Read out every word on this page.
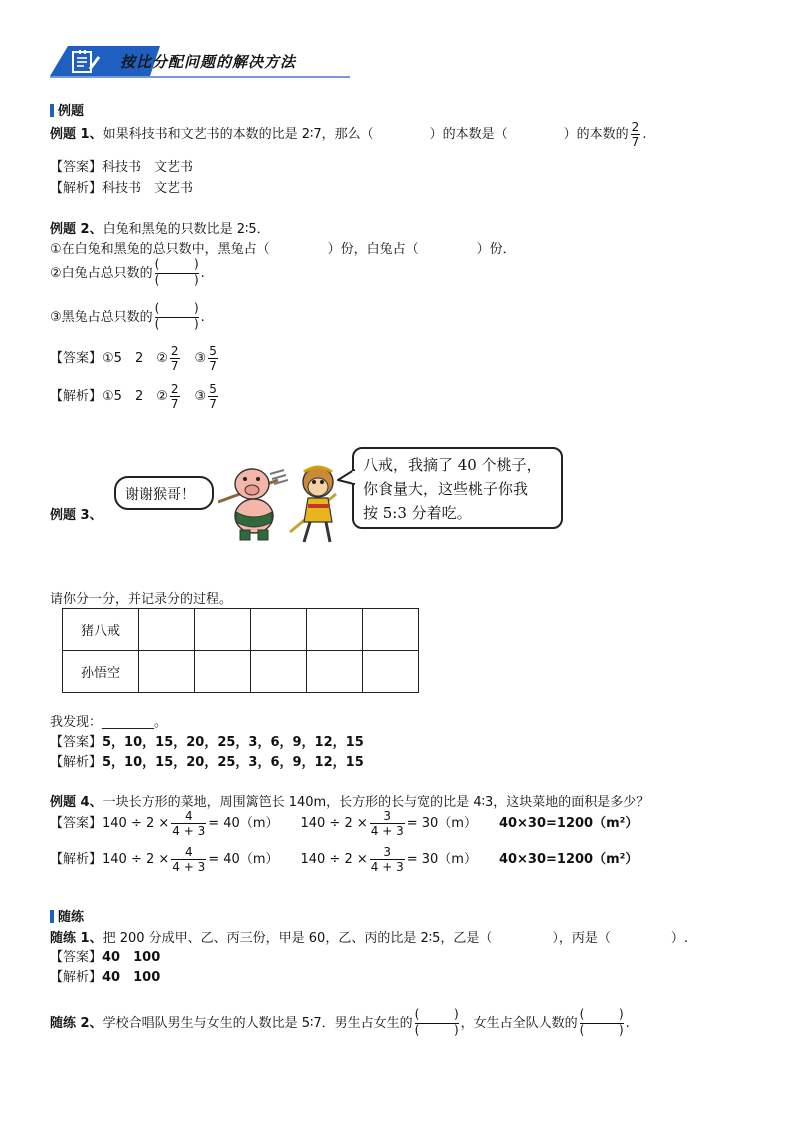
按比分配问题的解决方法
例题
例题 1、如果科技书和文艺书的本数的比是 2∶7，那么（	）的本数是（	）的本数的 $\frac{2}{7}$ .
【答案】科技书　文艺书
【解析】科技书　文艺书
例题 2、白兔和黑兔的只数比是 2∶5．
①在白兔和黑兔的总只数中，黑兔占（	）份，白兔占（	）份．
②白兔占总只数的
(	)
(	) .
③黑兔占总只数的
(	)
(	) .
【答案】①5　2　② $\frac{2}{7}$
　 ③ $\frac{5}{7}$
【解析】①5　2　② $\frac{2}{7}$
　 ③ $\frac{5}{7}$
例题 3、
谢谢猴哥！
八戒，我摘了 40 个桃子，
你食量大，这些桃子你我
按 5:3 分着吃。
请你分一分，并记录分的过程。
猪八戒					
孙悟空					
我发现：________。
【答案】5，10，15，20，25，3，6，9，12，15
【解析】5，10，15，20，25，3，6，9，12，15
例题 4、一块长方形的菜地，周围篱笆长 140m，长方形的长与宽的比是 4∶3，这块菜地的面积是多少？
【答案】$140 \div 2 \times \frac{4}{4 + 3} = 40(m) 140 \div 2 \times \frac{3}{4 + 3} = 30(m)$ 40×30=1200（m²）
【解析】$140 \div 2 \times \frac{4}{4 + 3} = 40(m) 140 \div 2 \times \frac{3}{4 + 3} = 30(m)$ 40×30=1200（m²）
随练
随练 1、把 200 分成甲、乙、丙三份，甲是 60，乙、丙的比是 2∶5，乙是（	），丙是（	）.
【答案】40　100
【解析】40　100
随练 2、学校合唱队男生与女生的人数比是 5∶7．男生占女生的
(	)
(	) ，女生占全队人数的
(	)
(	) .
